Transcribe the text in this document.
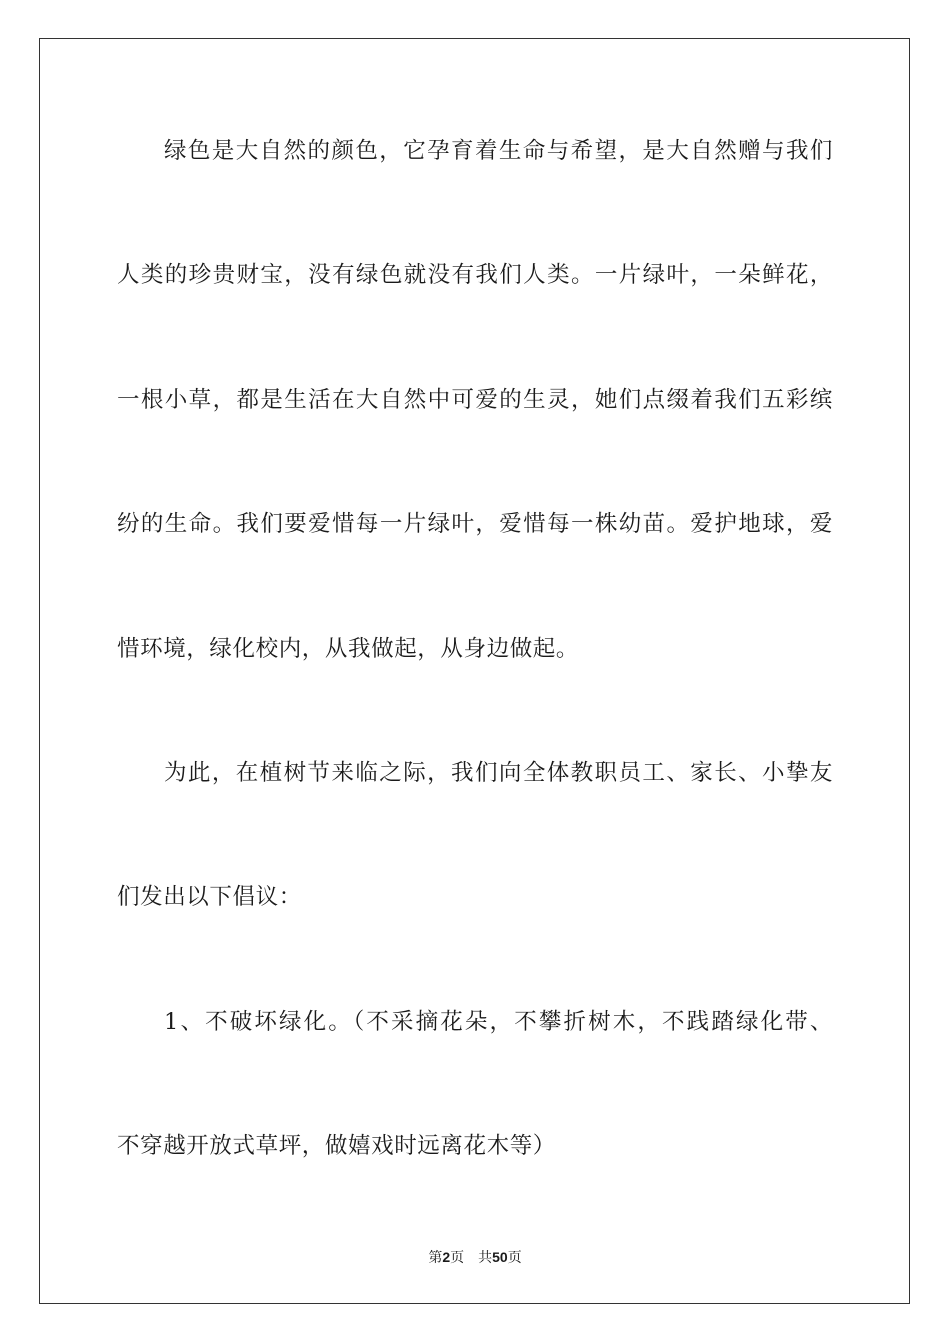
绿色是大自然的颜色，它孕育着生命与希望，是大自然赠与我们

人类的珍贵财宝，没有绿色就没有我们人类。一片绿叶，一朵鲜花，

一根小草，都是生活在大自然中可爱的生灵，她们点缀着我们五彩缤

纷的生命。我们要爱惜每一片绿叶，爱惜每一株幼苗。爱护地球，爱

惜环境，绿化校内，从我做起，从身边做起。

为此，在植树节来临之际，我们向全体教职员工、家长、小挚友

们发出以下倡议：

1、不破坏绿化。（不采摘花朵，不攀折树木，不践踏绿化带、

不穿越开放式草坪，做嬉戏时远离花木等）

第2页 共50页
